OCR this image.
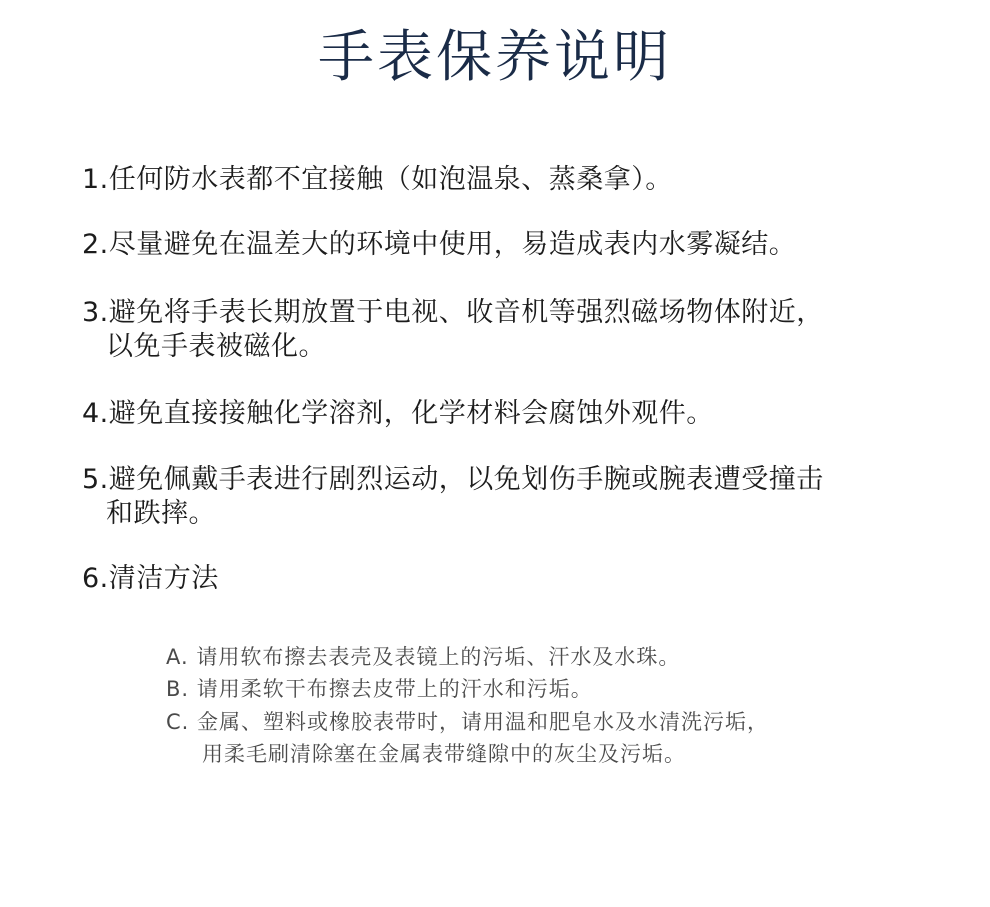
手表保养说明
1.任何防水表都不宜接触（如泡温泉、蒸桑拿）。
2.尽量避免在温差大的环境中使用，易造成表内水雾凝结。
3.避免将手表长期放置于电视、收音机等强烈磁场物体附近，
以免手表被磁化。
4.避免直接接触化学溶剂，化学材料会腐蚀外观件。
5.避免佩戴手表进行剧烈运动，以免划伤手腕或腕表遭受撞击
和跌摔。
6.清洁方法
A. 请用软布擦去表壳及表镜上的污垢、汗水及水珠。
B. 请用柔软干布擦去皮带上的汗水和污垢。
C. 金属、塑料或橡胶表带时，请用温和肥皂水及水清洗污垢，
用柔毛刷清除塞在金属表带缝隙中的灰尘及污垢。
